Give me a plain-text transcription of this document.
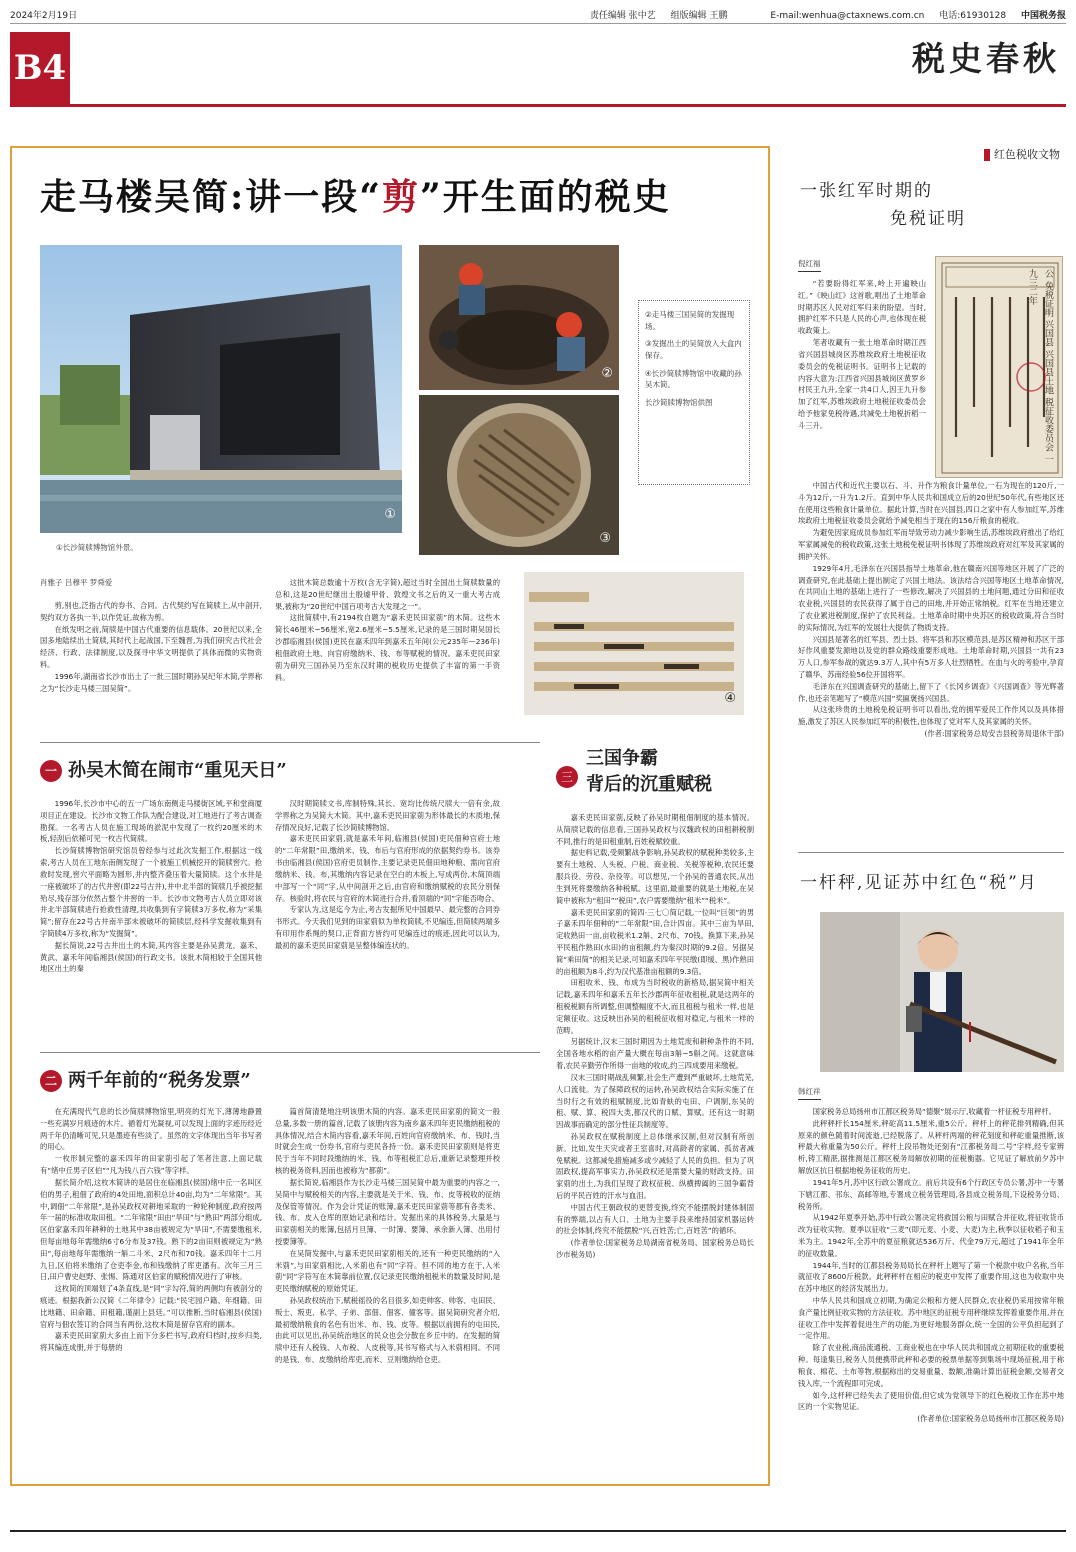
2024年2月19日	责任编辑 张中艺 组版编辑 王鹏	E-mail:wenhua@ctaxnews.com.cn 电话:61930128 中国税务报
B4	税史春秋
走马楼吴简:讲一段“剪”开生面的税史
①
①长沙简牍博物馆外景。
②
③
②走马楼三国吴简的发掘现场。
③发掘出土的吴简放入大盒内保存。
④长沙简牍博物馆中收藏的孙吴木简。
长沙简牍博物馆供图
④
肖雅子 吕穆平 罗舜爱

剪,别也,泛指古代的券书、合同。古代契约写在简牍上,从中剖开,契约双方各执一半,以作凭证,故称为剪。

在纸发明之前,简牍是中国古代重要的信息载体。20世纪以来,全国多地陆续出土简牍,其时代上起战国,下至魏晋,为我们研究古代社会经济、行政、法律制度,以及探寻中华文明提供了具体而微的实物资料。

1996年,湖南省长沙市出土了一批三国时期孙吴纪年木简,学界称之为“长沙走马楼三国吴简”。

这批木简总数逾十万枚(含无字简),超过当时全国出土简牍数量的总和,这是20世纪继出土殷墟甲骨、敦煌文书之后的又一重大考古成果,被称为“20世纪中国百项考古大发现之一”。

这批简牍中,有2194枚自题为“嘉禾吏民田家莂”的木简。这些木简长46厘米~56厘米,宽2.6厘米~5.5厘米,记录的是三国时期吴国长沙郡临湘县(侯国)吏民在嘉禾四年到嘉禾五年间(公元235年—236年)租佃政府土地、向官府缴纳米、钱、布等赋税的情况。嘉禾吏民田家莂为研究三国孙吴乃至东汉时期的税收历史提供了丰富的第一手资料。

一 孙吴木简在闹市“重见天日”

1996年,长沙市中心的五一广场东南侧走马楼街区域,平和堂商厦项目正在建设。长沙市文物工作队为配合建设,对工地进行了考古调查勘探。一名考古人员在施工现场的淤泥中发现了一枚约20厘米的木板,轻刮后依稀可见一枚古代简牍。

长沙简牍博物馆研究馆员曾经参与过此次发掘工作,根据这一线索,考古人员在工地东南侧发现了一个被施工机械挖开的简牍窖穴。抢救时发现,窖穴平面略为圆形,井内整齐叠压着大量简牍。这个水井是一座被破坏了的古代井窖(即22号古井),井中北半部的简牍几乎被挖掘殆尽,残存部分依然占整个井窖的一半。长沙市文物考古人员立即对该井北半部简牍进行抢救性清理,共收集到有字简牍3万多枚,称为“采集简”;留存在22号古井南半部未被破坏的简牍层,经科学发掘收集到有字简牍4万多枚,称为“发掘简”。

据长简说,22号古井出土的木简,其内容主要是孙吴黄龙、嘉禾、黄武、嘉禾年间临湘县(侯国)的行政文书。该批木简相较于全国其他地区出土的秦

汉时期简牍文书,库制特殊,其长、宽均比传统尺牍大一倍有余,故学界称之为吴简大木简。其中,嘉禾吏民田家莂为形体最长的木质地,保存情况良好,记载了长沙简牍博物馆。

嘉禾吏民田家莂,就是嘉禾年间,临湘县(侯国)吏民佃种官府土地的“二年常限”田,缴纳米、钱、布后与官府形成的依据契约券书。该券书由临湘县(侯国)官府吏员制作,主要记录吏民佃田地种粮、需向官府缴纳米、钱、布,其缴纳内容记录在空白的木板上,写成两份,木简顶端中部写一个“同”字,从中间剖开之后,由官府和缴纳赋税的农民分别保存。核验时,将农民与官府的木简进行合并,看顶端的“同”字能否吻合。

专家认为,这是迄今为止,考古发掘所见中国最早、最完整的合同券书形式。今天我们见到的田家莂似为单枚简牍,不见编连,但简牍两端多有印用作系绳的契口,正背面方皆约可见编连过的痕迹,因此可以认为,最初的嘉禾吏民田家莂是呈整体编连状的。

二 两千年前的“税务发票”

在充满现代气息的长沙简牍博物馆里,明亮的灯光下,薄薄地静置一些充满岁月痕迹的木片。循着灯光凝视,可以发现上面的字迹历经近两千年仍清晰可见,只是墨迹有些淡了。虽然的文字体现出当年书写者的用心。

一枚形制完整的嘉禾四年的田家莂引起了笔者注意,上面记载有“绪中丘男子区伯”“凡为钱八百六钱”等字样。

据长简介绍,这枚木简讲的是居住在临湘县(侯国)绪中丘一名叫区伯的男子,租佃了政府的4处田地,面积总计40亩,均为“二年常限”。其中,调佃“二年常限”,是孙吴政权对耕地采取的一种轮种制度,政府按两年一届的标准收取田租。“二年常限”田由“旱田”与“熟田”两部分组成,区伯家嘉禾四年耕种的土地其中38亩被规定为“旱田”,不需要缴租米,但每亩地每年需缴纳6寸6分布及37钱。熟下的2亩田则被规定为“熟田”,每亩地每年需缴纳一斛二斗米、2尺布和70钱。嘉禾四年十二月九日,区伯将米缴纳了仓吏李金,布和钱缴纳了库吏潘有。次年三月三日,田户曹史赵野、张惕、陈通对区伯家的赋税情况进行了审核。

这枚简的顶端划了4条直线,是“同”字勾符,简的两侧均有被剖分的痕迹。根据我新公汉简《二年律令》记载:“民宅园户籍、年细籍、田比地籍、田命籍、田租籍,谨副上县廷。”可以推断,当时临湘县(侯国)官府与佃农签订的合同当有两份,这枚木简是留存官府的副本。

嘉禾吏民田家莂大多由上而下分多栏书写,政府归档时,按乡归类,将其编连成册,并于每册的

篇首简清楚地注明该册木简的内容。嘉禾吏民田家莂的简文一般总量,多数一册的篇首,记载了该册内容为南乡嘉禾四年吏民缴纳租税的具体情况,结合木简内容看,嘉禾年间,百姓向官府缴纳米、布、钱时,当时就会生成一份券书,官府与吏民各持一份。嘉禾吏民田家莂则是将吏民于当年不同时段缴纳的米、钱、布等租税汇总后,重新记录整理并校核的税务资料,因而也被称为“都莂”。

据长简说,临湘县作为长沙走马楼三国吴简中最为重要的内容之一,吴简中与赋税相关的内容,主要就是关于米、钱、布、皮等税收的征纳及保管等情况。作为会计凭证的账簿,嘉禾吏民田家莂等都有各类米、钱、布、皮入仓库的原始记录和结计。发掘出来的具体税务,大量是与田家莂相关的账簿,包括月旦簿、一时簿、要簿、承余新入簿、出用付授要簿等。

在吴简发掘中,与嘉禾吏民田家莂相关的,还有一种吏民缴纳的“入米莂”,与田家莂相比,入米莂也有“同”字符。但不同的地方在于,入米莂“同”字符写在木简靠前位置,仅记录吏民缴纳租税米的数量及时间,是吏民缴纳赋税的原始凭证。

孙吴政权统治下,赋税徭役的名目很多,如吏帅客、帅客、屯田民、叛士、叛吏、私学、子弟、部佃、佃客、僮客等。据吴简研究者介绍,最初缴纳粮食的名色有出米、布、钱、皮等。根据以前拥有的屯田民,由此可以见出,孙吴统治地区的民众也会分散在乡丘中的。在发掘的简牍中还有人税钱、人布税、人皮税等,其书写格式与入米莂相同。不同的是钱、布、皮缴纳给库吏,而米、豆则缴纳给仓吏。

三
三国争霸
背后的沉重赋税

嘉禾吏民田家莂,反映了孙吴时期租佃制度的基本情况。从简牍记载的信息看,三国孙吴政权与汉魏政权的田租耕税制不同,推行的是田租重制,百姓税赋较重。

据史料记载,受频繁战争影响,孙吴政权的赋税种类较多,主要有土地税、人头税、户税、商业税、关税等税种,农民还要服兵役、劳役、杂役等。可以想见,一个孙吴的普通农民,从出生到死将要缴纳各种税赋。这里面,最重要的就是土地税,在吴简中被称为“租田”“税田”,农户需要缴纳“租米”“税米”。

嘉禾吏民田家莂的简四·三七〇简记载,一位叫“巨领”的男子嘉禾四年佃种的“二年常限”田,合计四亩。其中三亩为旱田,定收熟田一亩,亩收税米1.2斛、2尺布、70钱。换算下来,孙吴平民租作熟田(水田)的亩租额,约为秦汉时期的9.2倍。另据吴简“乘田简”的相关记录,可知嘉禾四年平民缴(即缓、黑)作熟田的亩租额为8斗,约为汉代基准亩租额的9.3倍。

田租收米、钱、布成为当时税收的新格局,据吴简中相关记载,嘉禾四年和嘉禾五年长沙郡两年征收租税,就是这两年的租税税额有所调整,但调整幅度不大,而且租税与租米一样,也是定额征收。这反映出孙吴的租税征收相对稳定,与租米一样的范畴。

另据统计,汉末三国时期因为土地荒废和耕种条件的不同,全国各地水稻的亩产量大概在每亩3斛~5斛之间。这就意味着,农民辛勤劳作所得一亩地的收成,约三四成要用来缴税。

汉末三国时期战乱频繁,社会生产遭到严重破坏,土地荒芜,人口流徙。为了保障政权的运转,孙吴政权结合实际实施了在当时行之有效的租赋制度,比如青蚨的屯田、户调制,东吴的租、赋、算、税四大类,都汉代的口赋、算赋。还有这一时期因战事而确定的部分性征兵制度等。

孙吴政权在赋税制度上总体继承汉制,但对汉制有所创新。比如,发生天灾或者王室喜时,对高龄者的家属、孤贫者减免赋税。这都减免措施减多或少减轻了人民的负担。但为了巩固政权,提高军事实力,孙吴政权还是需要大量的财政支持。田家莂的出土,为我们呈现了政权征税、纵横捭阖的三国争霸背后的平民百姓的汗水与血泪。

中国古代王朝政权的更替变换,终究不能摆脱封建体制固有的弊端,以占有人口、土地为主要手段来维持国家机器运转的社会体制,终究不能摆脱“兴,百姓苦;亡,百姓苦”的循环。

(作者单位:国家税务总局湖南省税务局、国家税务总局长沙市税务局)

红色税收文物
一张红军时期的
免税证明
倪红福

“若要盼得红军来,岭上开遍映山红。”《映山红》这首歌,唱出了土地革命时期苏区人民对红军归来的盼望。当时,拥护红军不只是人民的心声,也体现在税收政策上。

笔者收藏有一张土地革命时期江西省兴国县城岗区苏维埃政府土地税征收委员会的免税证明书。证明书上记载的内容大意为:江西省兴国县城岗区黄罗乡村民王九升,全家一共4口人,因王九升参加了红军,苏维埃政府土地税征收委员会给予他家免税待遇,共减免土地税折稻一斗三升。

公 免税证明 兴国县 兴国县土地 税征收委员会 一九三二年

中国古代和近代主要以石、斗、升作为粮食计量单位,一石为现在的120斤,一斗为12斤,一升为1.2斤。直到中华人民共和国成立后的20世纪50年代,有些地区还在使用这些粮食计量单位。据此计算,当时在兴国县,四口之家中有人参加红军,苏维埃政府土地税征收委员会就给予减免相当于现在的156斤粮食的税收。

为避免因家庭成员参加红军而导致劳动力减少影响生活,苏维埃政府推出了给红军家属减免的税收政策,这张土地税免税证明书体现了苏维埃政府对红军及其家属的拥护关怀。

1929年4月,毛泽东在兴国县指导土地革命,他在赣南兴国等地区开展了广泛的调查研究,在此基础上提出制定了兴国土地法。该法结合兴国等地区土地革命情况,在共同山土地的基础上进行了一些修改,解决了兴国县的土地问题,通过分田和征收农业税,兴国县的农民获得了属于自己的田地,并开始正常纳税。红军在当地还建立了农业累进税制度,保护了农民利益。土地革命时期中央苏区的税收政策,符合当时的实际情况,为红军的发展壮大提供了物质支持。

兴国县是著名的红军县、烈士县、将军县和苏区模范县,是苏区精神和苏区干部好作风重要发源地以及党的群众路线重要形成地。土地革命时期,兴国县一共有23万人口,参军参战的就达9.3万人,其中有5万多人壮烈牺牲。在血与火的考验中,孕育了赣华、苏南经验56位开国将军。

毛泽东在兴国调查研究的基础上,留下了《长冈乡调查》《兴国调查》等光辉著作,也还亲笔题写了“模范兴国”奖匾褒扬兴国县。

从这张珍贵的土地税免税证明书可以看出,党的拥军爱民工作作风以及具体措施,激发了苏区人民参加红军的积极性,也体现了党对军人及其家属的关怀。

(作者:国家税务总局安吉县税务局退休干部)

一杆秤,见证苏中红色“税”月
韩红祥

国家税务总局扬州市江都区税务局“德聚”展示厅,收藏着一杆征税专用秤杆。

此秤秤杆长154厘米,秤砣高11.5厘米,重5公斤。秤杆上的秤花排列精确,但其原来的颜色随着时间流逝,已经脱落了。从秤杆两端的秤花刻度和秤砣重量推断,该秤最大称重量为50公斤。秤杆上段吊物处还刻有“江都税务局二号”字样,经专家辨析,铸工精湛,据推测是江都区税务局解放初期的征税衡器。它见证了解放前夕苏中解放区抗日根据地税务征收的历史。

1941年5月,苏中区行政公署成立。前后共设有6个行政区专员公署,苏中一专署下辖江都、邗东、高邮等地,专署成立税务管理局,各县成立税务局,下设税务分局、税务所。

从1942年夏季开始,苏中行政公署决定将救国公粮与田赋合并征收,将征收货币改为征收实物。夏季以征收“三麦”(即元麦、小麦、大麦)为主,秋季以征收稻子和玉米为主。1942年,全苏中的夏征粮就达536万斤、代金79万元,超过了1941年全年的征收数量。

1944年,当时的江都县税务局局长在秤杆上题写了第一个税款中收户名称,当年就征收了8600斤税款。此秤秤杆在相应的税吏中发挥了重要作用,这也为收取中央在苏中地区的经济发展出力。

中华人民共和国成立初期,为确定公粮和方便人民群众,农业税仍采用按常年粮食产量比例征收实物的方法征收。苏中地区的征税专用秤继续发挥着重要作用,并在征收工作中发挥着促进生产的功能,为更好地服务群众,统一全国的公平负担起到了一定作用。

除了农业税,商品流通税、工商业税也在中华人民共和国成立初期征收的重要税种。每逢集日,税务人员便携带此秤和必要的税票单据等到集场中现场征税,用于称粮食、棉花、土布等物,根据称出的交易重量、数额,准确计算出征税金额,交易者交钱入库,一个流程即可完成。

如今,这杆秤已经失去了使用价值,但它成为党领导下的红色税收工作在苏中地区的一个实物见证。

(作者单位:国家税务总局扬州市江都区税务局)
